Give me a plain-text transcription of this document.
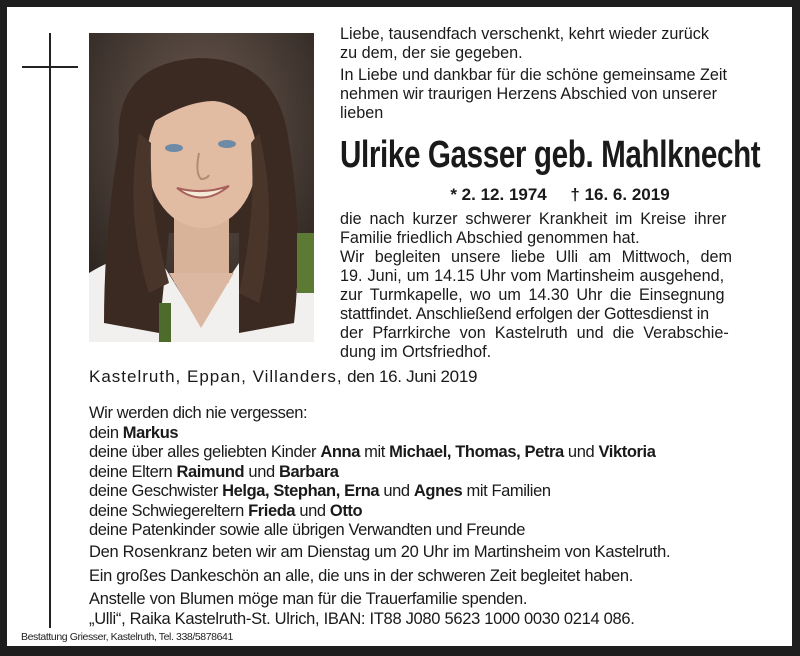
Liebe, tausendfach verschenkt, kehrt wieder zurück

zu dem, der sie gegeben.

In Liebe und dankbar für die schöne gemeinsame Zeit

nehmen wir traurigen Herzens Abschied von unserer

lieben

Ulrike Gasser geb. Mahlknecht
* 2. 12. 1974 † 16. 6. 2019

die nach kurzer schwerer Krankheit im Kreise ihrer

Familie friedlich Abschied genommen hat.

Wir begleiten unsere liebe Ulli am Mittwoch, dem

19. Juni, um 14.15 Uhr vom Martinsheim ausgehend,

zur Turmkapelle, wo um 14.30 Uhr die Einsegnung

stattfindet. Anschließend erfolgen der Gottesdienst in

der Pfarrkirche von Kastelruth und die Verabschie-

dung im Ortsfriedhof.

Kastelruth, Eppan, Villanders, den 16. Juni 2019
Wir werden dich nie vergessen:
dein Markus
deine über alles geliebten Kinder Anna mit Michael, Thomas, Petra und Viktoria
deine Eltern Raimund und Barbara
deine Geschwister Helga, Stephan, Erna und Agnes mit Familien
deine Schwiegereltern Frieda und Otto
deine Patenkinder sowie alle übrigen Verwandten und Freunde
Den Rosenkranz beten wir am Dienstag um 20 Uhr im Martinsheim von Kastelruth.
Ein großes Dankeschön an alle, die uns in der schweren Zeit begleitet haben.
Anstelle von Blumen möge man für die Trauerfamilie spenden.
„Ulli“, Raika Kastelruth-St. Ulrich, IBAN: IT88 J080 5623 1000 0030 0214 086.
Bestattung Griesser, Kastelruth, Tel. 338/5878641
